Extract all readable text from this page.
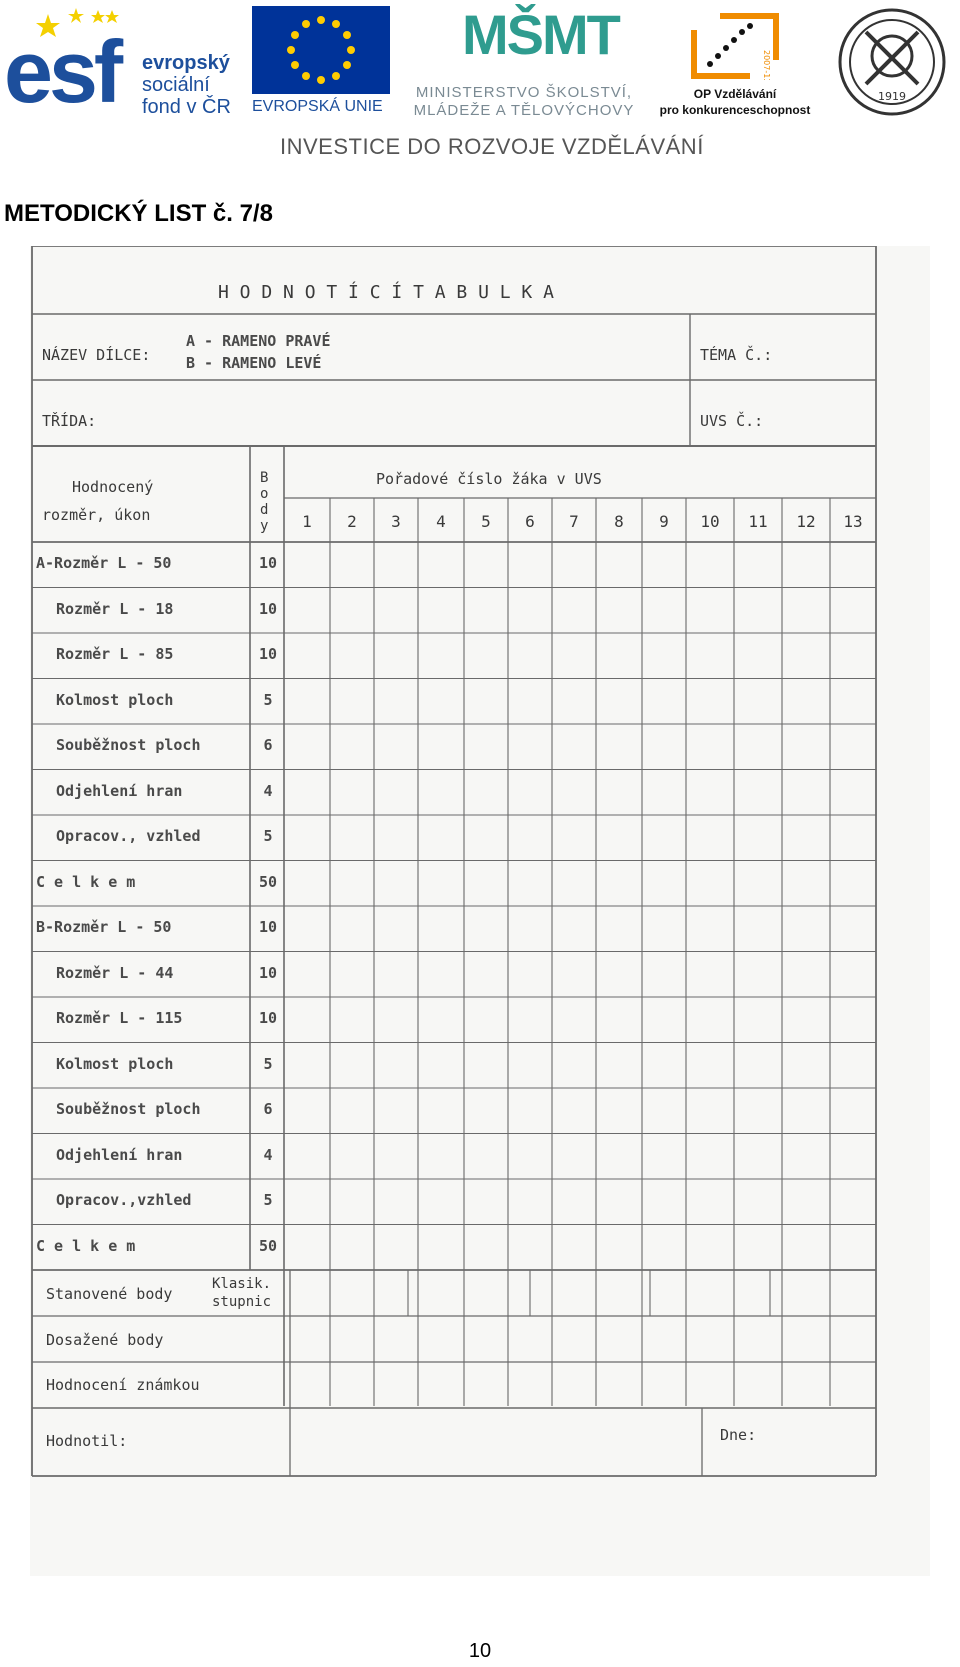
esf evropský
sociální
fond v ČR EVROPSKÁ UNIE
MŠMT
MINISTERSTVO ŠKOLSTVÍ,
MLÁDEŽE A TĚLOVÝCHOVY
2007-13
OP Vzdělávání
pro konkurenceschopnost
1919
INVESTICE DO ROZVOJE VZDĚLÁVÁNÍ
METODICKÝ LIST č. 7/8
H O D N O T Í C Í T A B U L K A
NÁZEV DÍLCE:
A - RAMENO PRAVÉ
B - RAMENO LEVÉ	TÉMA Č.:
TŘÍDA:	UVS Č.:
Hodnocený
rozměr, úkon
Pořadové číslo žáka v UVS
B
o
d
y	1	2	3	4	5	6	7	8	9	10	11	12	13
A-Rozměr L - 50	10
Rozměr L - 18	10
Rozměr L - 85	10
Kolmost ploch	5
Souběžnost ploch	6
Odjehlení hran	4
Opracov., vzhled	5
C e l k e m	50
B-Rozměr L - 50	10
Rozměr L - 44	10
Rozměr L - 115	10
Kolmost ploch	5
Souběžnost ploch	6
Odjehlení hran	4
Opracov.,vzhled	5
C e l k e m	50
Stanovené body
Klasik.
stupnic
Dosažené body
Hodnocení známkou
Hodnotil:	Dne:
10
